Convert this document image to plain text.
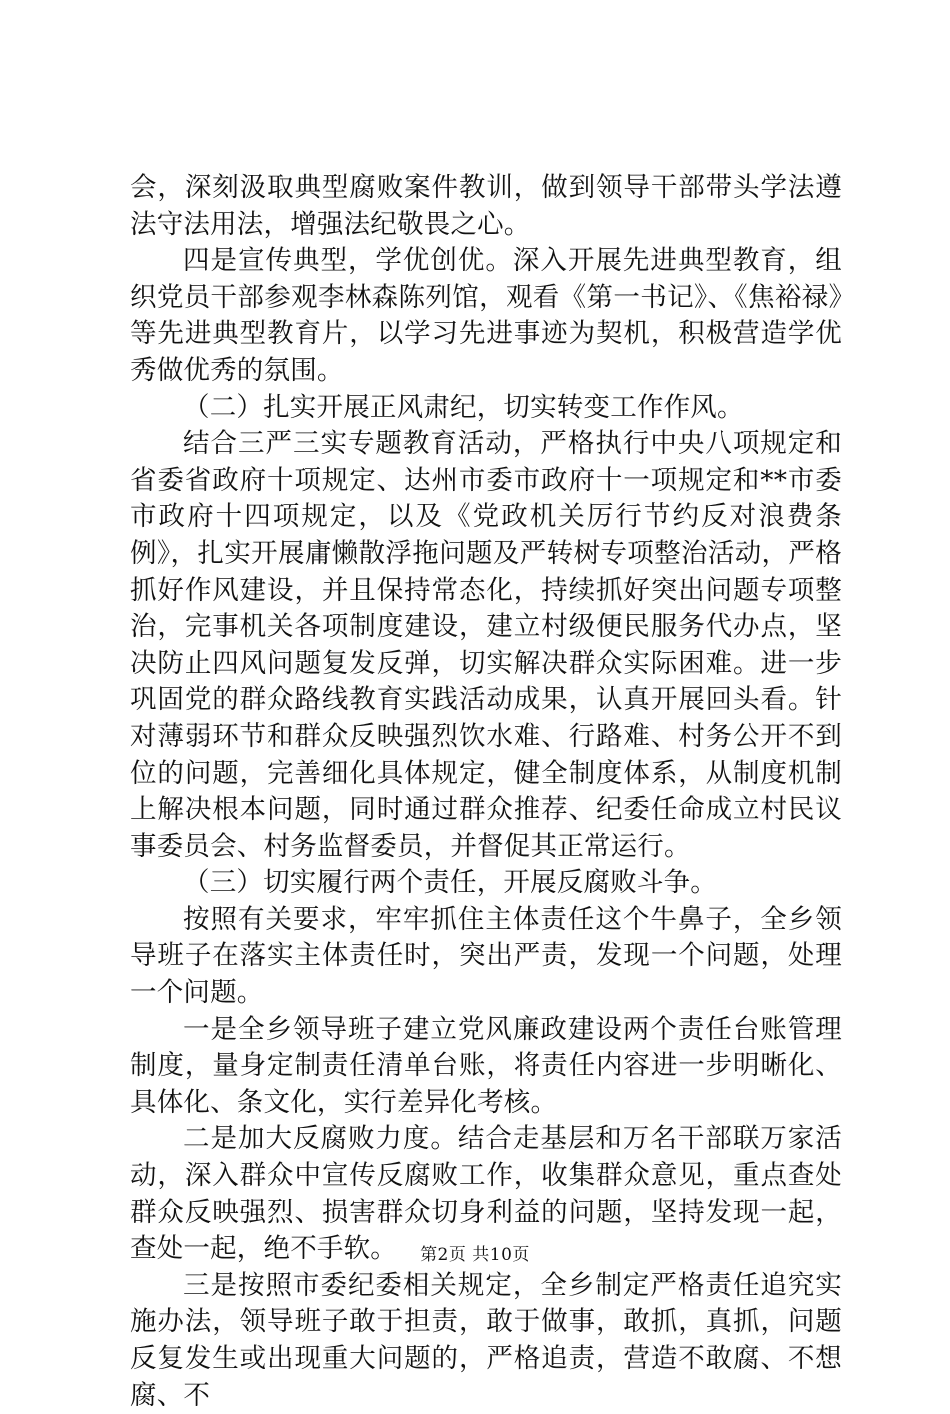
会，深刻汲取典型腐败案件教训，做到领导干部带头学法遵法守法用法，增强法纪敬畏之心。

四是宣传典型，学优创优。深入开展先进典型教育，组织党员干部参观李林森陈列馆，观看《第一书记》、《焦裕禄》等先进典型教育片，以学习先进事迹为契机，积极营造学优秀做优秀的氛围。

（二）扎实开展正风肃纪，切实转变工作作风。

结合三严三实专题教育活动，严格执行中央八项规定和省委省政府十项规定、达州市委市政府十一项规定和**市委市政府十四项规定，以及《党政机关厉行节约反对浪费条例》，扎实开展庸懒散浮拖问题及严转树专项整治活动，严格抓好作风建设，并且保持常态化，持续抓好突出问题专项整治，完事机关各项制度建设，建立村级便民服务代办点，坚决防止四风问题复发反弹，切实解决群众实际困难。进一步巩固党的群众路线教育实践活动成果，认真开展回头看。针对薄弱环节和群众反映强烈饮水难、行路难、村务公开不到位的问题，完善细化具体规定，健全制度体系，从制度机制上解决根本问题，同时通过群众推荐、纪委任命成立村民议事委员会、村务监督委员，并督促其正常运行。

（三）切实履行两个责任，开展反腐败斗争。

按照有关要求，牢牢抓住主体责任这个牛鼻子，全乡领导班子在落实主体责任时，突出严责，发现一个问题，处理一个问题。

一是全乡领导班子建立党风廉政建设两个责任台账管理制度，量身定制责任清单台账，将责任内容进一步明晰化、具体化、条文化，实行差异化考核。

二是加大反腐败力度。结合走基层和万名干部联万家活动，深入群众中宣传反腐败工作，收集群众意见，重点查处群众反映强烈、损害群众切身利益的问题，坚持发现一起，查处一起，绝不手软。

三是按照市委纪委相关规定，全乡制定严格责任追究实施办法，领导班子敢于担责，敢于做事，敢抓，真抓，问题反复发生或出现重大问题的，严格追责，营造不敢腐、不想腐、不

第2页 共10页
